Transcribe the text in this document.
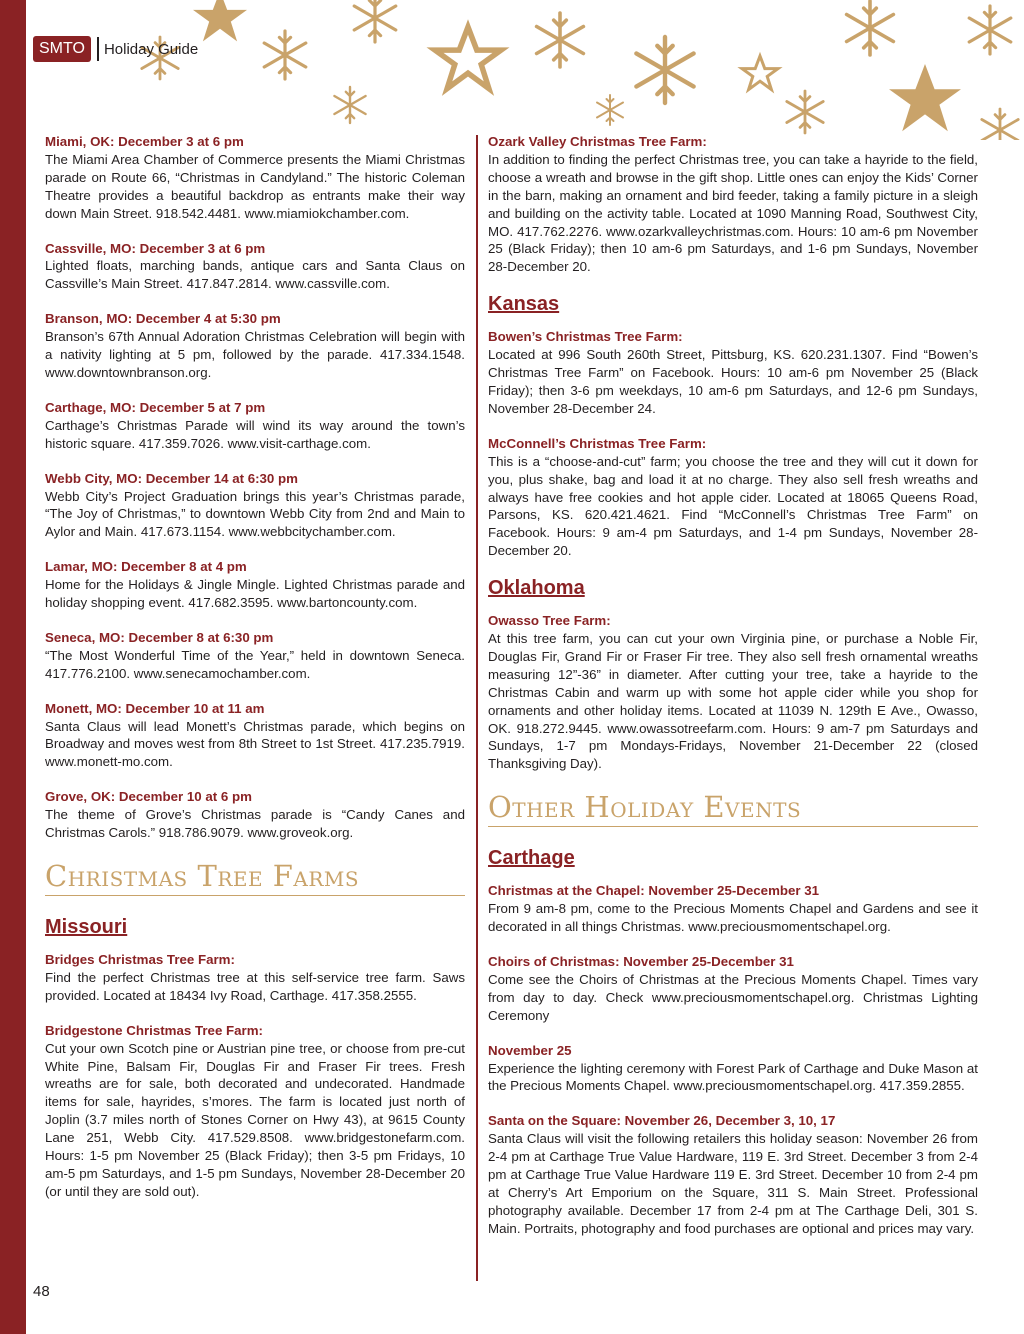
SMTO	Holiday Guide
Miami, OK: December 3 at 6 pm
The Miami Area Chamber of Commerce presents the Miami Christmas parade on Route 66, “Christmas in Candyland.” The historic Coleman Theatre provides a beautiful backdrop as entrants make their way down Main Street. 918.542.4481. www.miamiokchamber.com.
Cassville, MO: December 3 at 6 pm
Lighted floats, marching bands, antique cars and Santa Claus on Cassville’s Main Street. 417.847.2814. www.cassville.com.
Branson, MO: December 4 at 5:30 pm
Branson’s 67th Annual Adoration Christmas Celebration will begin with a nativity lighting at 5 pm, followed by the parade. 417.334.1548. www.downtownbranson.org.
Carthage, MO: December 5 at 7 pm
Carthage’s Christmas Parade will wind its way around the town’s historic square. 417.359.7026. www.visit-carthage.com.
Webb City, MO: December 14 at 6:30 pm
Webb City’s Project Graduation brings this year’s Christmas parade, “The Joy of Christmas,” to downtown Webb City from 2nd and Main to Aylor and Main. 417.673.1154. www.webbcitychamber.com.
Lamar, MO: December 8 at 4 pm
Home for the Holidays & Jingle Mingle. Lighted Christmas parade and holiday shopping event. 417.682.3595. www.bartoncounty.com.
Seneca, MO: December 8 at 6:30 pm
“The Most Wonderful Time of the Year,” held in downtown Seneca. 417.776.2100. www.senecamochamber.com.
Monett, MO: December 10 at 11 am
Santa Claus will lead Monett’s Christmas parade, which begins on Broadway and moves west from 8th Street to 1st Street. 417.235.7919. www.monett-mo.com.
Grove, OK: December 10 at 6 pm
The theme of Grove’s Christmas parade is “Candy Canes and Christmas Carols.” 918.786.9079. www.groveok.org.
Christmas Tree Farms
Missouri
Bridges Christmas Tree Farm:
Find the perfect Christmas tree at this self-service tree farm. Saws provided. Located at 18434 Ivy Road, Carthage. 417.358.2555.
Bridgestone Christmas Tree Farm:
Cut your own Scotch pine or Austrian pine tree, or choose from pre-cut White Pine, Balsam Fir, Douglas Fir and Fraser Fir trees. Fresh wreaths are for sale, both decorated and undecorated. Handmade items for sale, hayrides, s’mores. The farm is located just north of Joplin (3.7 miles north of Stones Corner on Hwy 43), at 9615 County Lane 251, Webb City. 417.529.8508. www.bridgestonefarm.com. Hours: 1-5 pm November 25 (Black Friday); then 3-5 pm Fridays, 10 am-5 pm Saturdays, and 1-5 pm Sundays, November 28-December 20 (or until they are sold out).
Ozark Valley Christmas Tree Farm:
In addition to finding the perfect Christmas tree, you can take a hayride to the field, choose a wreath and browse in the gift shop. Little ones can enjoy the Kids’ Corner in the barn, making an ornament and bird feeder, taking a family picture in a sleigh and building on the activity table. Located at 1090 Manning Road, Southwest City, MO. 417.762.2276. www.ozarkvalleychristmas.com. Hours: 10 am-6 pm November 25 (Black Friday); then 10 am-6 pm Saturdays, and 1-6 pm Sundays, November 28-December 20.
Kansas
Bowen’s Christmas Tree Farm:
Located at 996 South 260th Street, Pittsburg, KS. 620.231.1307. Find “Bowen’s Christmas Tree Farm” on Facebook. Hours: 10 am-6 pm November 25 (Black Friday); then 3-6 pm weekdays, 10 am-6 pm Saturdays, and 12-6 pm Sundays, November 28-December 24.
McConnell’s Christmas Tree Farm:
This is a “choose-and-cut” farm; you choose the tree and they will cut it down for you, plus shake, bag and load it at no charge. They also sell fresh wreaths and always have free cookies and hot apple cider. Located at 18065 Queens Road, Parsons, KS. 620.421.4621. Find “McConnell’s Christmas Tree Farm” on Facebook. Hours: 9 am-4 pm Saturdays, and 1-4 pm Sundays, November 28-December 20.
Oklahoma
Owasso Tree Farm:
At this tree farm, you can cut your own Virginia pine, or purchase a Noble Fir, Douglas Fir, Grand Fir or Fraser Fir tree. They also sell fresh ornamental wreaths measuring 12”-36” in diameter. After cutting your tree, take a hayride to the Christmas Cabin and warm up with some hot apple cider while you shop for ornaments and other holiday items. Located at 11039 N. 129th E Ave., Owasso, OK. 918.272.9445. www.owassotreefarm.com. Hours: 9 am-7 pm Saturdays and Sundays, 1-7 pm Mondays-Fridays, November 21-December 22 (closed Thanksgiving Day).
Other Holiday Events
Carthage
Christmas at the Chapel: November 25-December 31
From 9 am-8 pm, come to the Precious Moments Chapel and Gardens and see it decorated in all things Christmas. www.preciousmomentschapel.org.
Choirs of Christmas: November 25-December 31
Come see the Choirs of Christmas at the Precious Moments Chapel. Times vary from day to day. Check www.preciousmomentschapel.org. Christmas Lighting Ceremony
November 25
Experience the lighting ceremony with Forest Park of Carthage and Duke Mason at the Precious Moments Chapel. www.preciousmomentschapel.org. 417.359.2855.
Santa on the Square: November 26, December 3, 10, 17
Santa Claus will visit the following retailers this holiday season: November 26 from 2-4 pm at Carthage True Value Hardware, 119 E. 3rd Street. December 3 from 2-4 pm at Carthage True Value Hardware 119 E. 3rd Street. December 10 from 2-4 pm at Cherry’s Art Emporium on the Square, 311 S. Main Street. Professional photography available. December 17 from 2-4 pm at The Carthage Deli, 301 S. Main. Portraits, photography and food purchases are optional and prices may vary.
48
